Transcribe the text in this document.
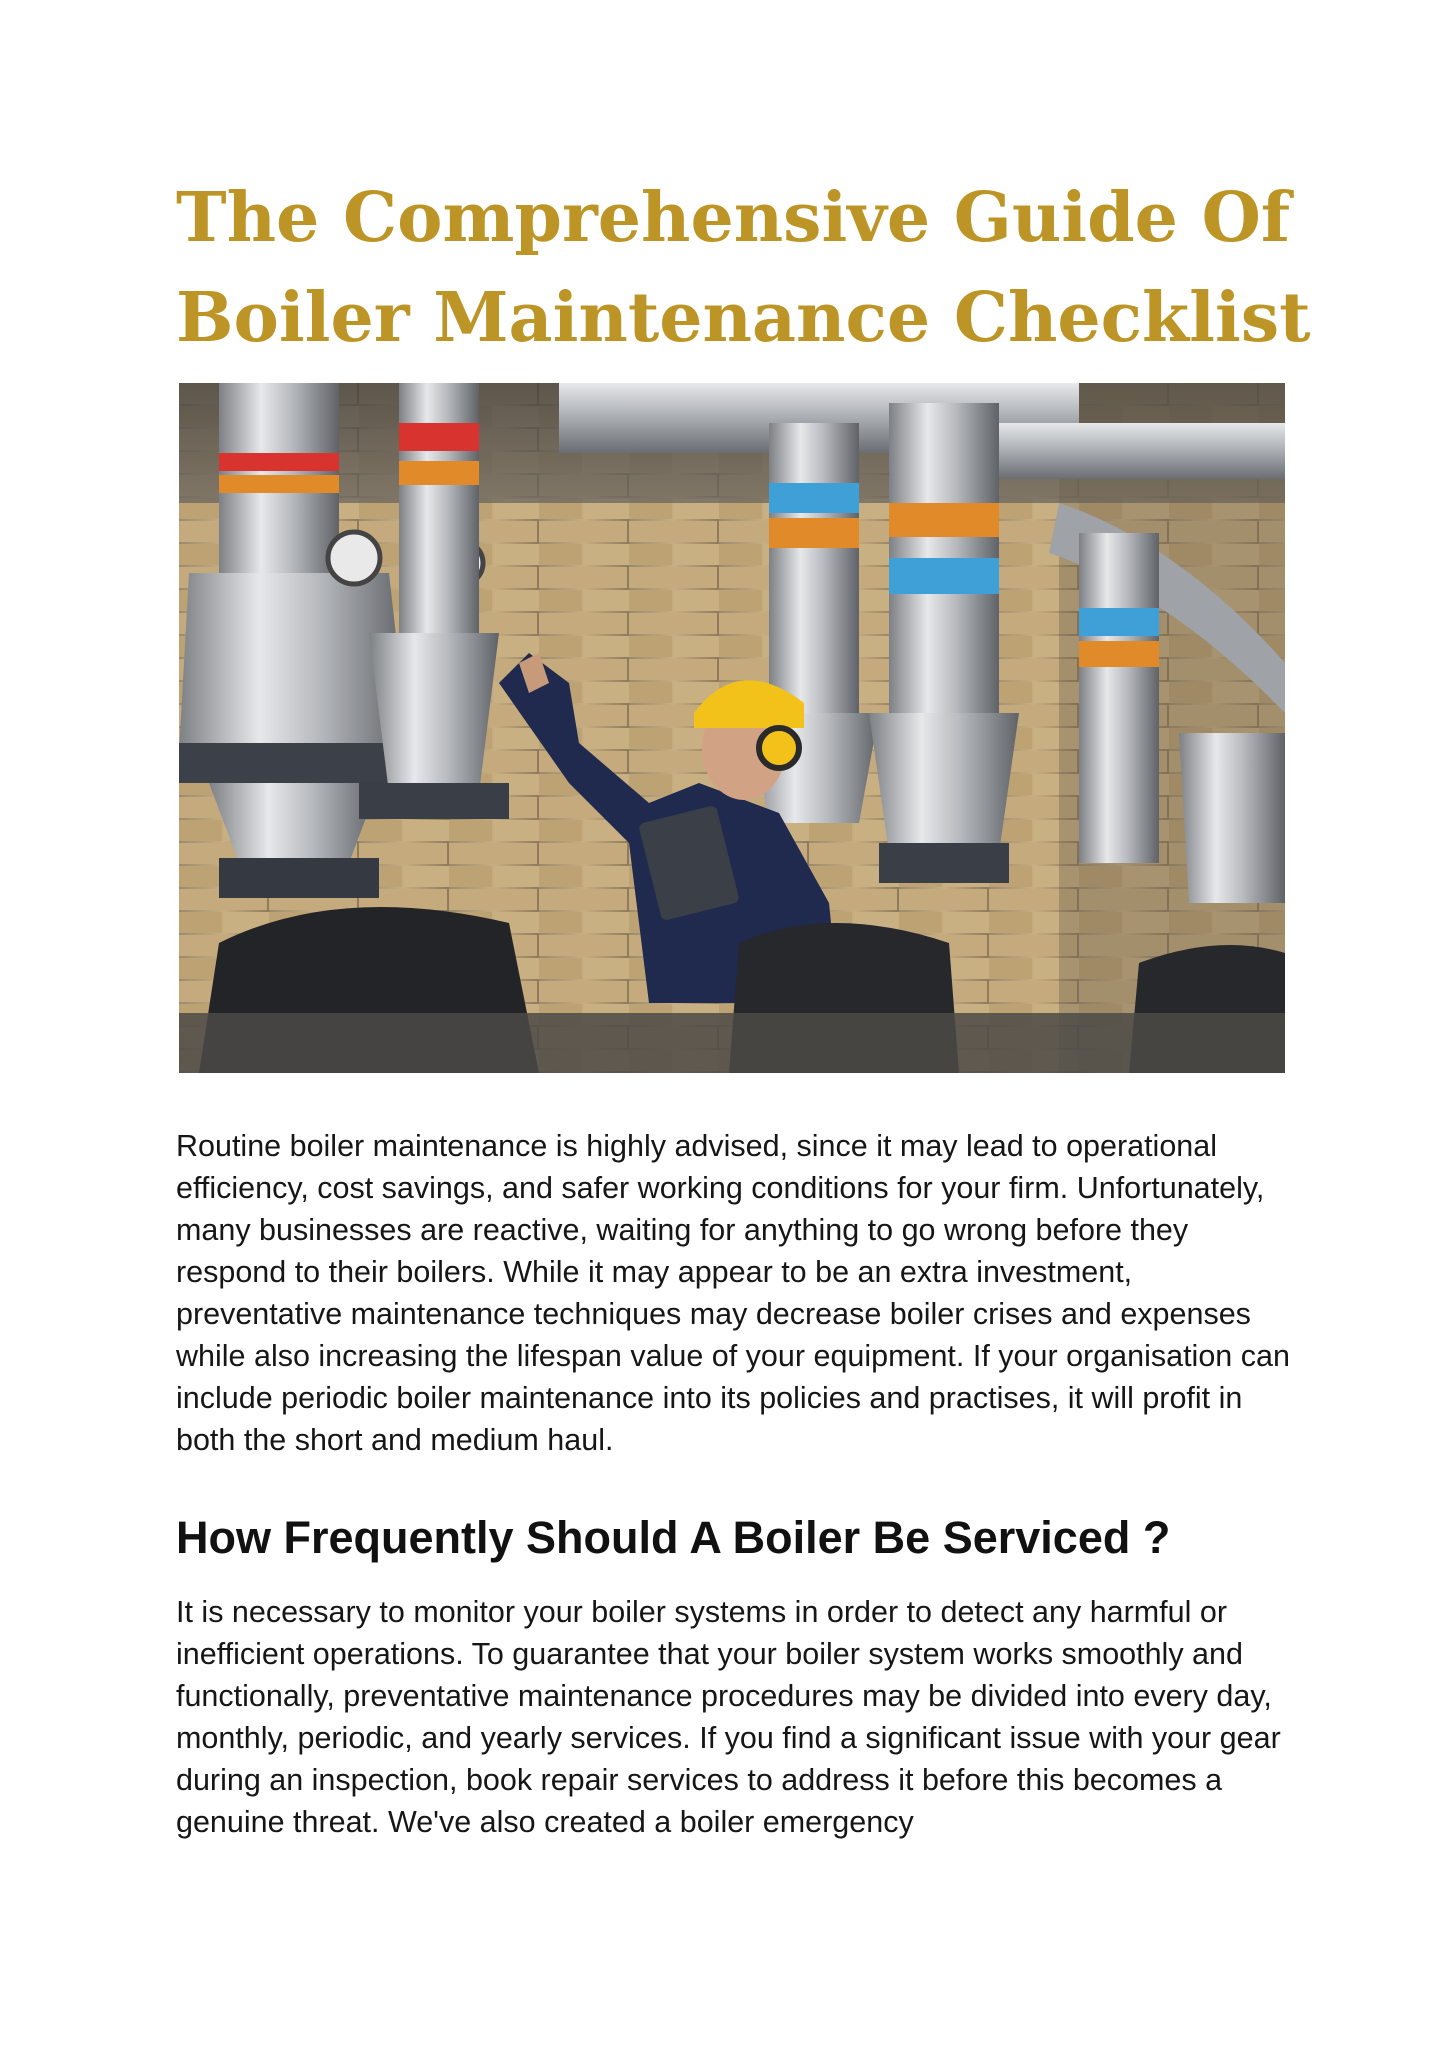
The Comprehensive Guide Of Boiler Maintenance Checklist

Routine boiler maintenance is highly advised, since it may lead to operational efficiency, cost savings, and safer working conditions for your firm. Unfortunately, many businesses are reactive, waiting for anything to go wrong before they respond to their boilers. While it may appear to be an extra investment, preventative maintenance techniques may decrease boiler crises and expenses while also increasing the lifespan value of your equipment. If your organisation can include periodic boiler maintenance into its policies and practises, it will profit in both the short and medium haul.

How Frequently Should A Boiler Be Serviced ?

It is necessary to monitor your boiler systems in order to detect any harmful or inefficient operations. To guarantee that your boiler system works smoothly and functionally, preventative maintenance procedures may be divided into every day, monthly, periodic, and yearly services. If you find a significant issue with your gear during an inspection, book repair services to address it before this becomes a genuine threat. We've also created a boiler emergency
